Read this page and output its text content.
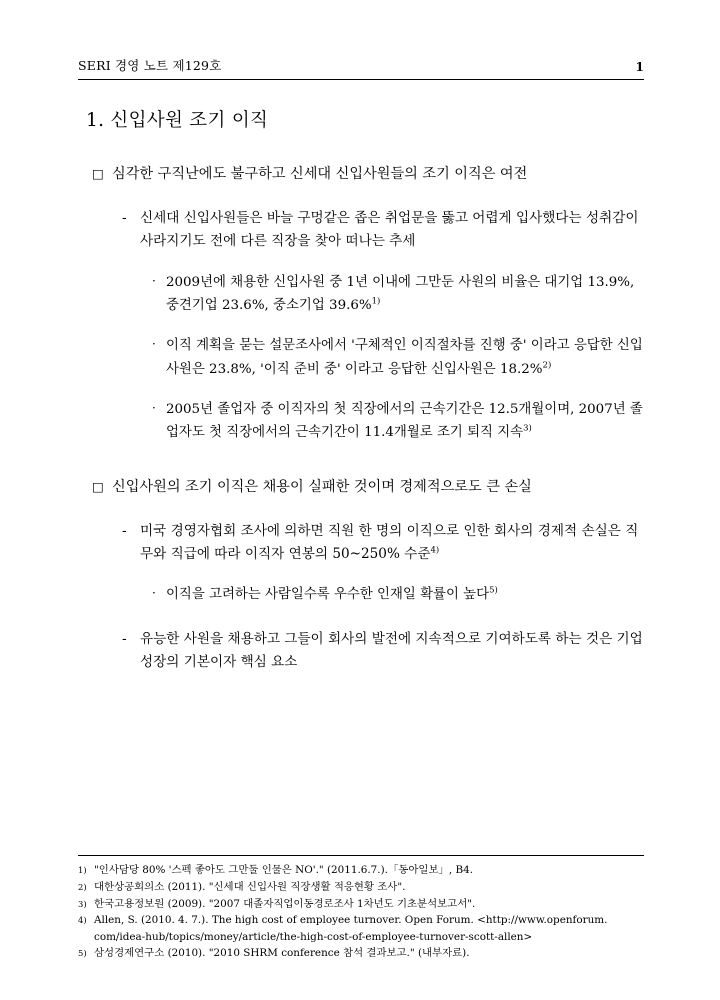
SERI 경영 노트 제129호	1
1. 신입사원 조기 이직
□ 심각한 구직난에도 불구하고 신세대 신입사원들의 조기 이직은 여전
- 신세대 신입사원들은 바늘 구멍같은 좁은 취업문을 뚫고 어렵게 입사했다는 성취감이 사라지기도 전에 다른 직장을 찾아 떠나는 추세
· 2009년에 채용한 신입사원 중 1년 이내에 그만둔 사원의 비율은 대기업 13.9%, 중견기업 23.6%, 중소기업 39.6%$^{1)}$
· 이직 계획을 묻는 설문조사에서 '구체적인 이직절차를 진행 중' 이라고 응답한 신입사원은 23.8%, '이직 준비 중' 이라고 응답한 신입사원은 18.2%$^{2)}$
· 2005년 졸업자 중 이직자의 첫 직장에서의 근속기간은 12.5개월이며, 2007년 졸업자도 첫 직장에서의 근속기간이 11.4개월로 조기 퇴직 지속$^{3)}$
□ 신입사원의 조기 이직은 채용이 실패한 것이며 경제적으로도 큰 손실
- 미국 경영자협회 조사에 의하면 직원 한 명의 이직으로 인한 회사의 경제적 손실은 직무와 직급에 따라 이직자 연봉의 50~250% 수준$^{4)}$
· 이직을 고려하는 사람일수록 우수한 인재일 확률이 높다$^{5)}$
- 유능한 사원을 채용하고 그들이 회사의 발전에 지속적으로 기여하도록 하는 것은 기업 성장의 기본이자 핵심 요소
1) "인사담당 80% '스펙 좋아도 그만둘 인물은 NO'." (2011.6.7.).「동아일보」, B4.
2) 대한상공회의소 (2011). "신세대 신입사원 직장생활 적응현황 조사".
3) 한국고용정보원 (2009). "2007 대졸자직업이동경로조사 1차년도 기초분석보고서".
4) Allen, S. (2010. 4. 7.). The high cost of employee turnover. Open Forum. <http://www.openforum.
com/idea-hub/topics/money/article/the-high-cost-of-employee-turnover-scott-allen>
5) 삼성경제연구소 (2010). "2010 SHRM conference 참석 결과보고." (내부자료).
